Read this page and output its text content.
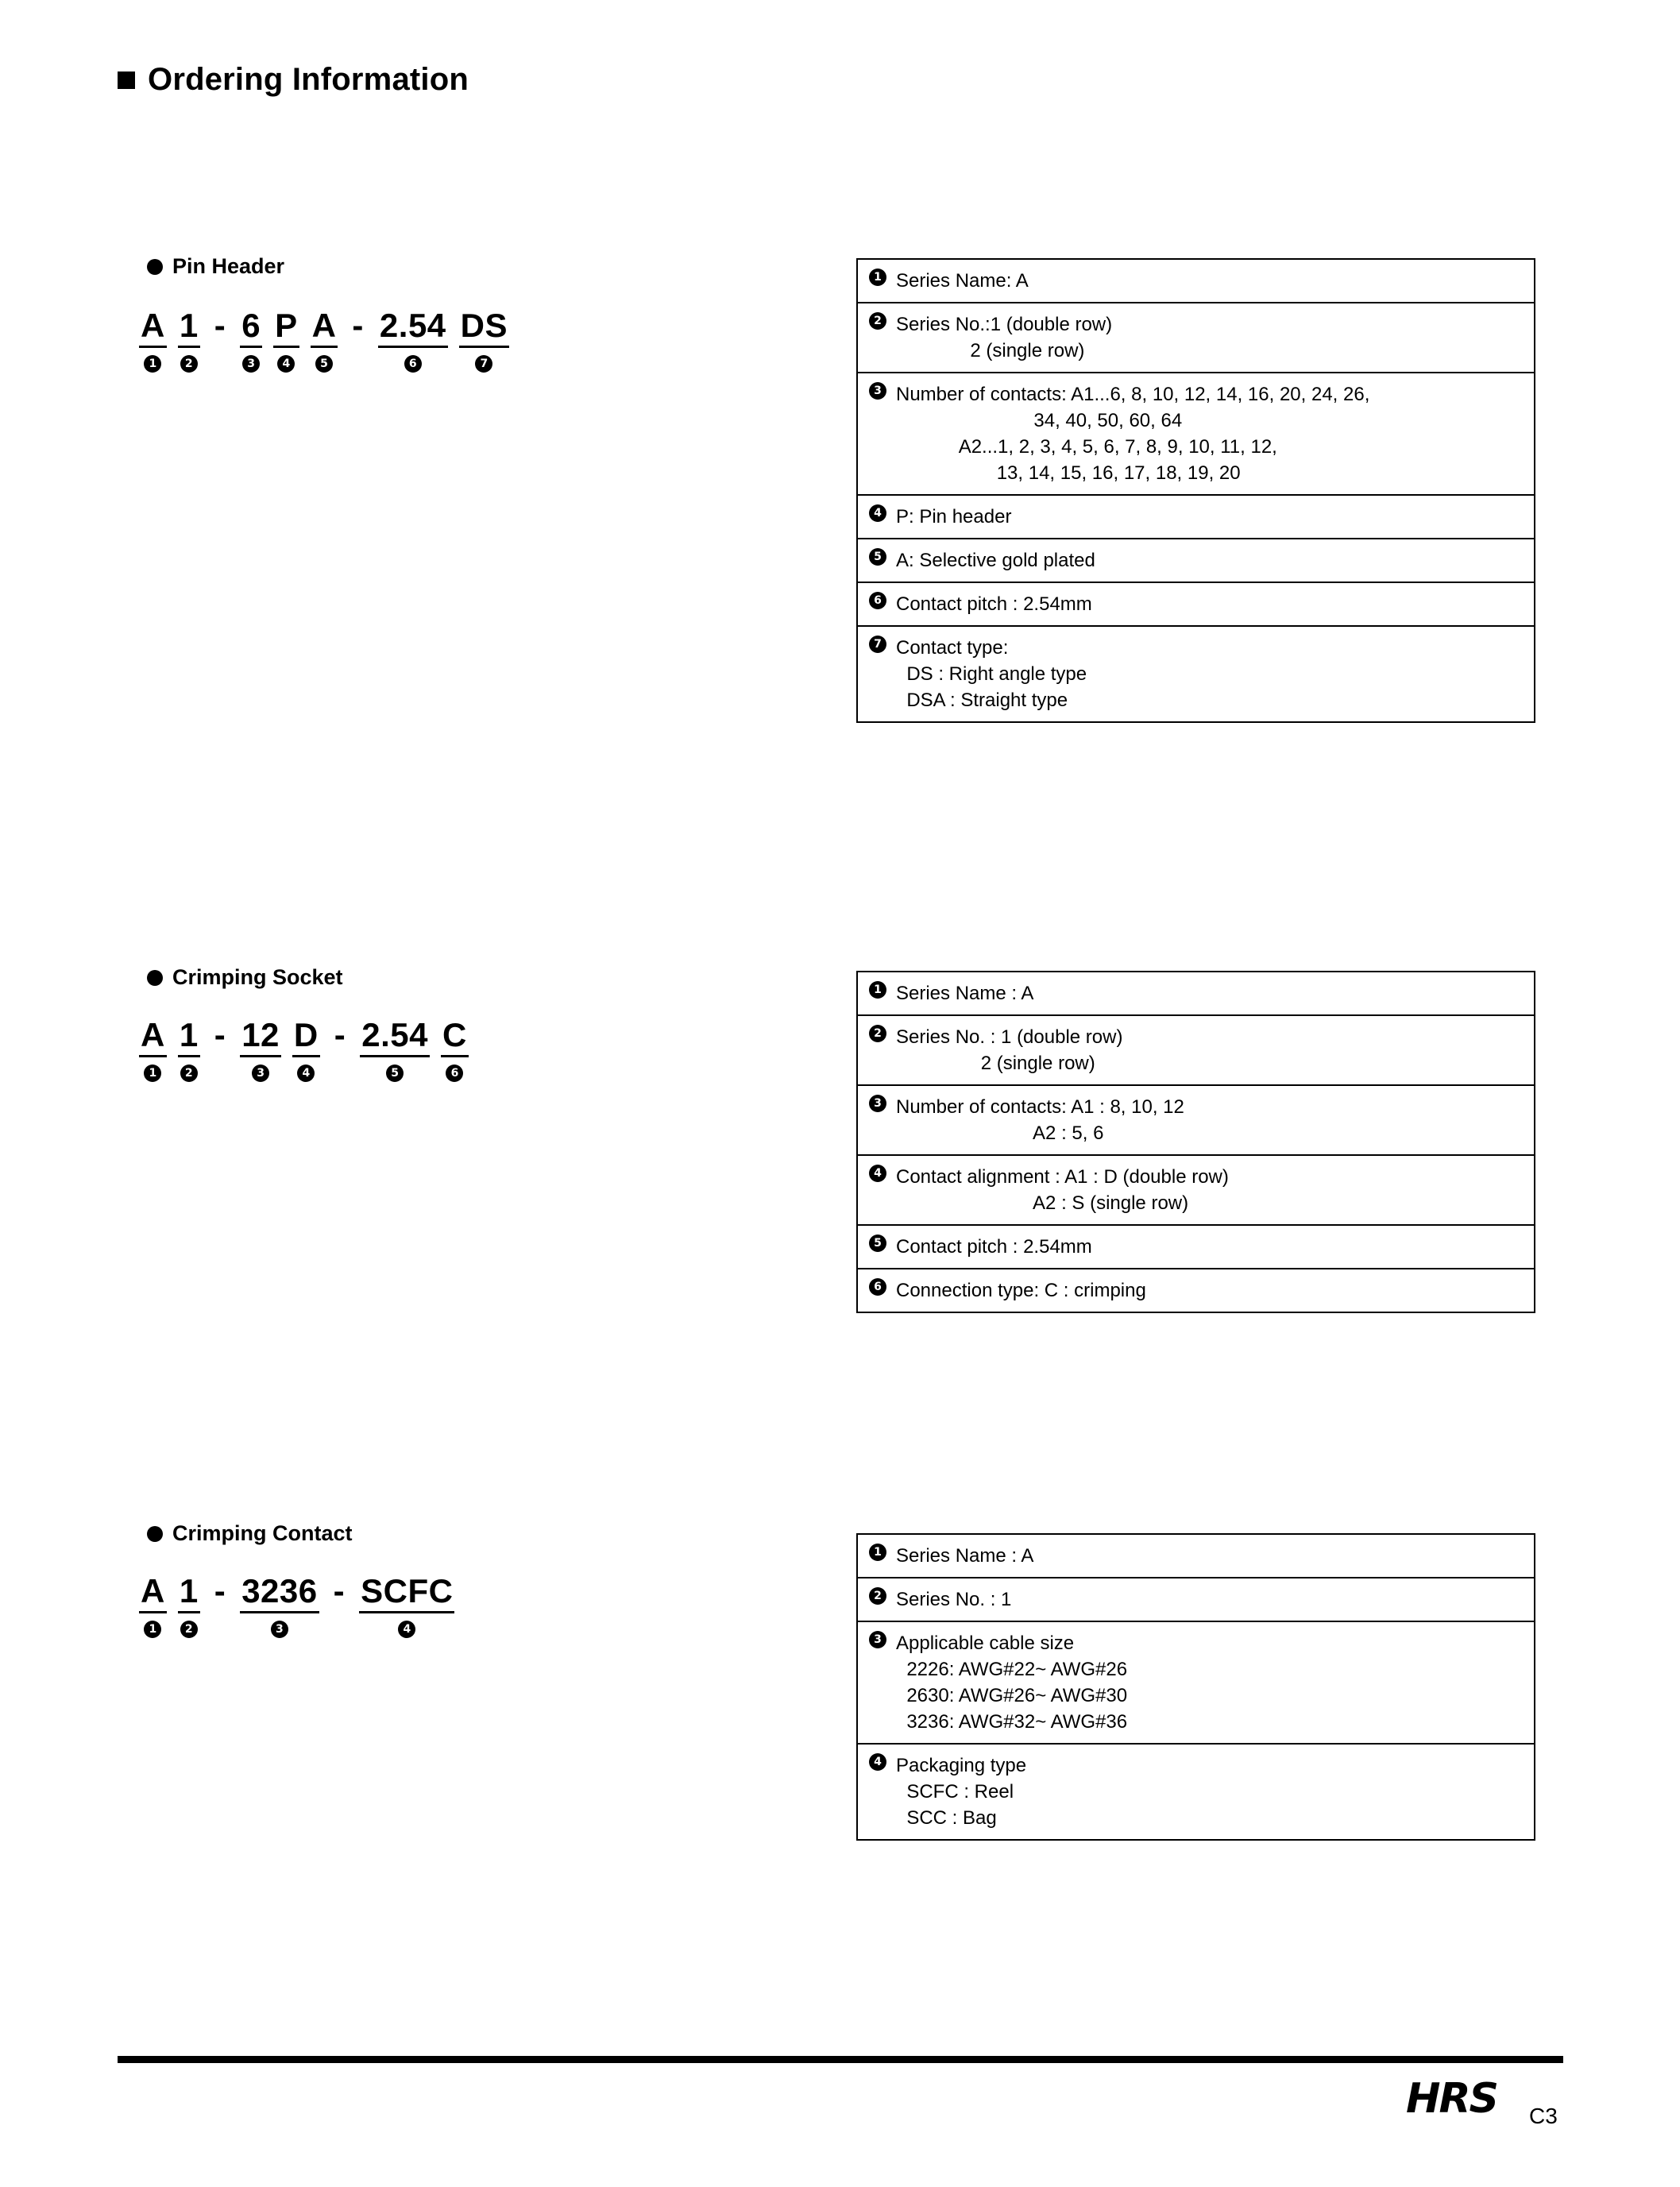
Ordering Information
Pin Header
A
1
1
2
- 6
3
P
4
A
5
- 2.54
6
DS
7
1 Series Name: A
2 Series No.:1 (double row)
2 (single row)
3 Number of contacts: A1...6, 8, 10, 12, 14, 16, 20, 24, 26,
34, 40, 50, 60, 64
A2...1, 2, 3, 4, 5, 6, 7, 8, 9, 10, 11, 12,
13, 14, 15, 16, 17, 18, 19, 20
4 P: Pin header
5 A: Selective gold plated
6 Contact pitch : 2.54mm
7 Contact type:
DS : Right angle type
DSA : Straight type
Crimping Socket
A
1
1
2
- 12
3
D
4
- 2.54
5
C
6
1 Series Name : A
2 Series No. : 1 (double row)
2 (single row)
3 Number of contacts: A1 : 8, 10, 12
A2 : 5, 6
4 Contact alignment : A1 : D (double row)
A2 : S (single row)
5 Contact pitch : 2.54mm
6 Connection type: C : crimping
Crimping Contact
A
1
1
2
- 3236
3
- SCFC
4
1 Series Name : A
2 Series No. : 1
3 Applicable cable size
2226: AWG#22~ AWG#26
2630: AWG#26~ AWG#30
3236: AWG#32~ AWG#36
4 Packaging type
SCFC : Reel
SCC : Bag
HRS C3
